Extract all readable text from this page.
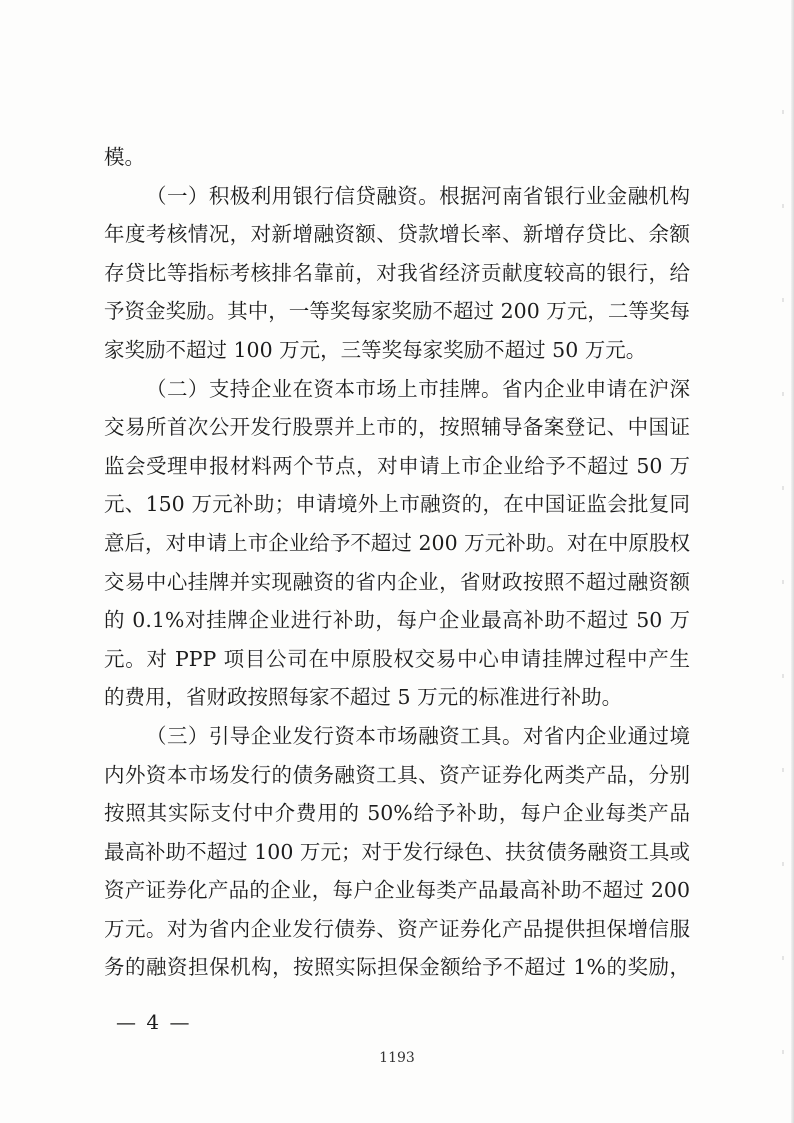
模。
（一）积极利用银行信贷融资。根据河南省银行业金融机构
年度考核情况，对新增融资额、贷款增长率、新增存贷比、余额
存贷比等指标考核排名靠前，对我省经济贡献度较高的银行，给
予资金奖励。其中，一等奖每家奖励不超过 200 万元，二等奖每
家奖励不超过 100 万元，三等奖每家奖励不超过 50 万元。
（二）支持企业在资本市场上市挂牌。省内企业申请在沪深
交易所首次公开发行股票并上市的，按照辅导备案登记、中国证
监会受理申报材料两个节点，对申请上市企业给予不超过 50 万
元、150 万元补助；申请境外上市融资的，在中国证监会批复同
意后，对申请上市企业给予不超过 200 万元补助。对在中原股权
交易中心挂牌并实现融资的省内企业，省财政按照不超过融资额
的 0.1%对挂牌企业进行补助，每户企业最高补助不超过 50 万
元。对 PPP 项目公司在中原股权交易中心申请挂牌过程中产生
的费用，省财政按照每家不超过 5 万元的标准进行补助。
（三）引导企业发行资本市场融资工具。对省内企业通过境
内外资本市场发行的债务融资工具、资产证券化两类产品，分别
按照其实际支付中介费用的 50%给予补助，每户企业每类产品
最高补助不超过 100 万元；对于发行绿色、扶贫债务融资工具或
资产证券化产品的企业，每户企业每类产品最高补助不超过 200
万元。对为省内企业发行债券、资产证券化产品提供担保增信服
务的融资担保机构，按照实际担保金额给予不超过 1%的奖励，
— 4 —
1193
